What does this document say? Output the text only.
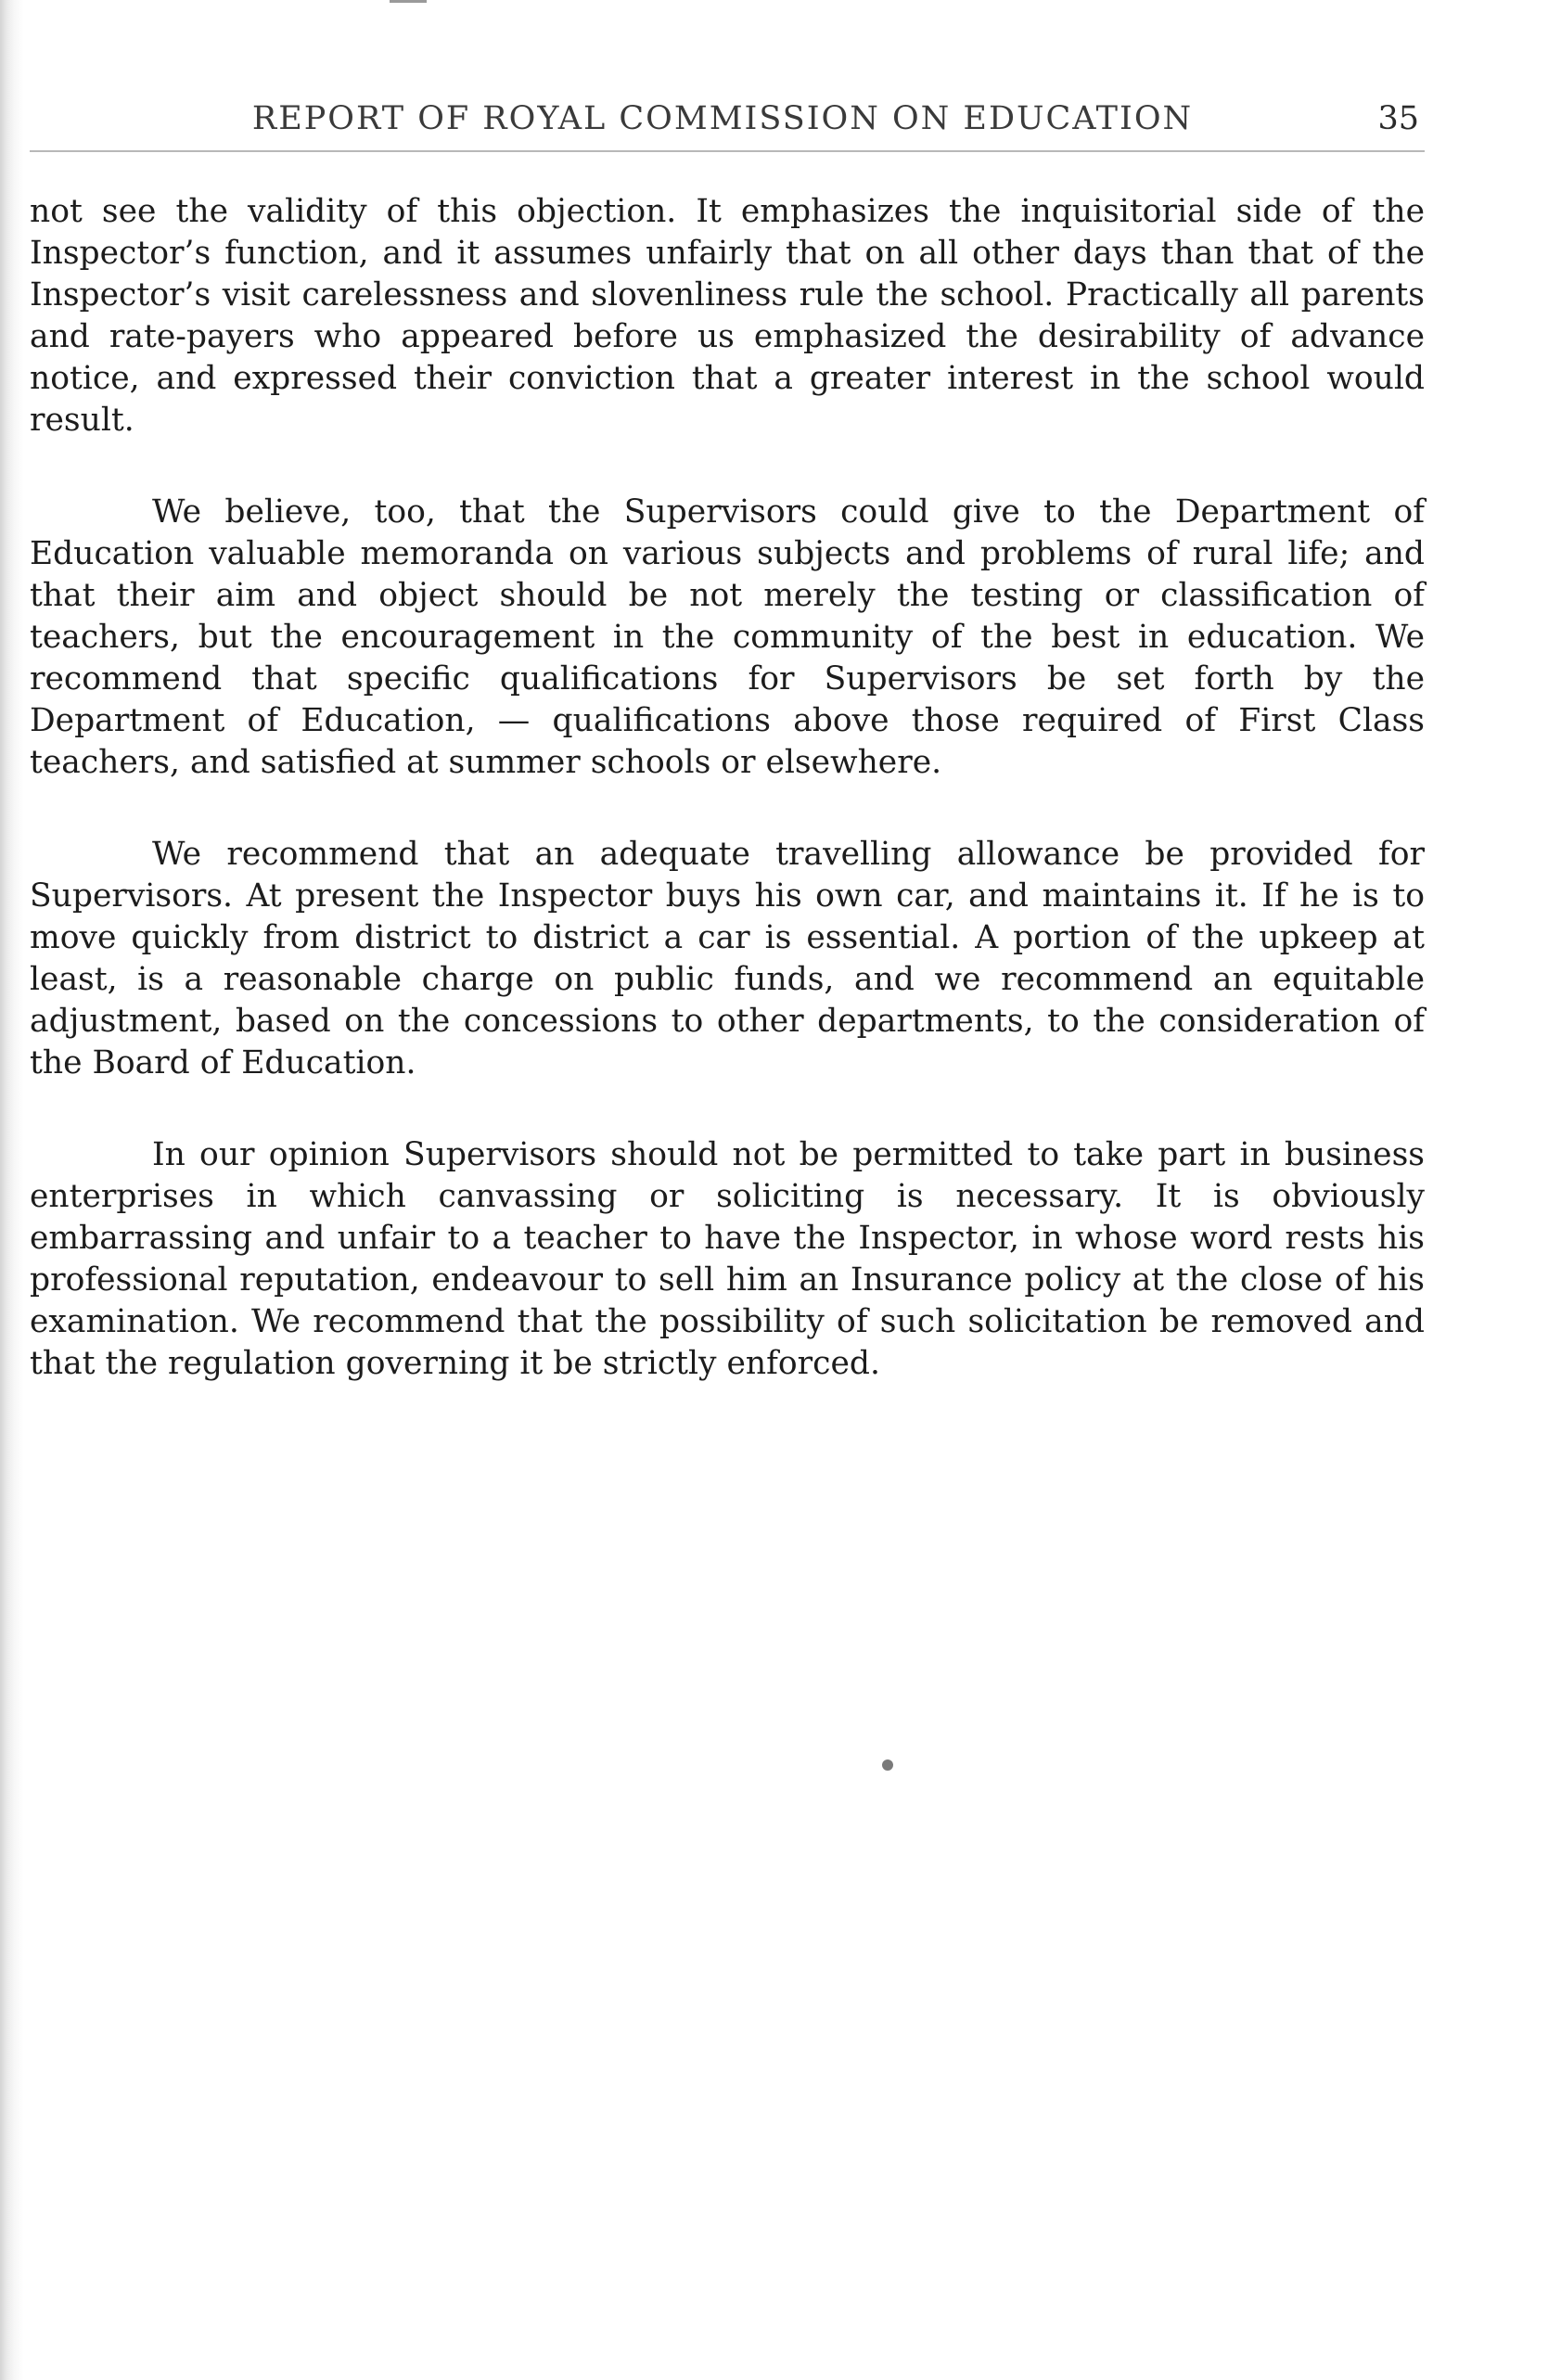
REPORT OF ROYAL COMMISSION ON EDUCATION	35

not see the validity of this objection. It emphasizes the inquisitorial side of the Inspector’s function, and it assumes unfairly that on all other days than that of the Inspector’s visit carelessness and slovenliness rule the school. Practically all parents and rate-payers who appeared before us emphasized the desirability of advance notice, and expressed their conviction that a greater interest in the school would result.

We believe, too, that the Supervisors could give to the Department of Education valuable memoranda on various subjects and problems of rural life; and that their aim and object should be not merely the testing or classification of teachers, but the encouragement in the community of the best in education. We recommend that specific qualifications for Supervisors be set forth by the Department of Education, — qualifications above those required of First Class teachers, and satisfied at summer schools or elsewhere.

We recommend that an adequate travelling allowance be provided for Supervisors. At present the Inspector buys his own car, and maintains it. If he is to move quickly from district to district a car is essential. A portion of the upkeep at least, is a reasonable charge on public funds, and we recommend an equitable adjustment, based on the concessions to other departments, to the consideration of the Board of Education.

In our opinion Supervisors should not be permitted to take part in business enterprises in which canvassing or soliciting is necessary. It is obviously embarrassing and unfair to a teacher to have the Inspector, in whose word rests his professional reputation, endeavour to sell him an Insurance policy at the close of his examination. We recommend that the possibility of such solicitation be removed and that the regulation governing it be strictly enforced.
